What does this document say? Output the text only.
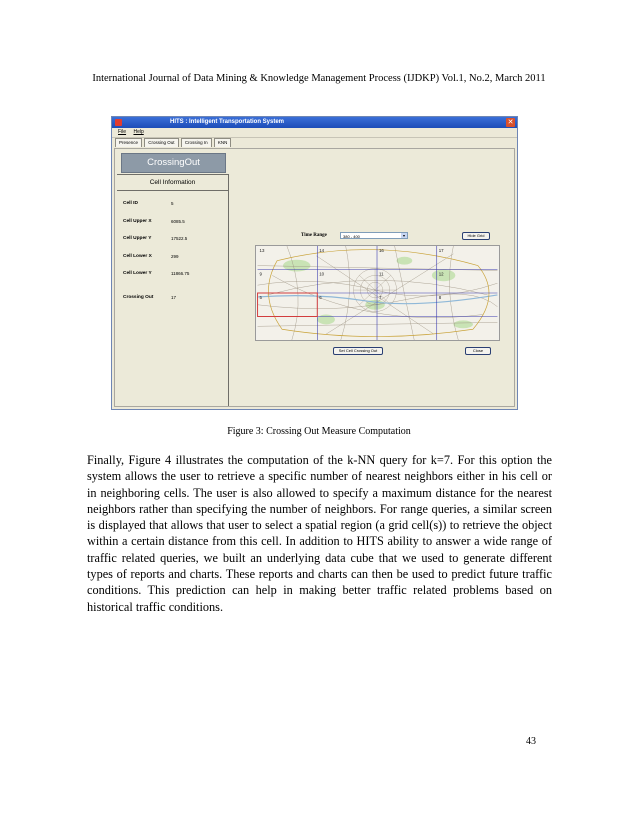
International Journal of Data Mining & Knowledge Management Process (IJDKP) Vol.1, No.2, March 2011
HITS : Intelligent Transportation System	✕
File Help
Presence Crossing Out Crossing In KNN
CrossingOut
Cell Information
Cell ID	5
Cell Upper X	6085.5
Cell Upper Y	17522.5
Cell Lower X	299
Cell Lower Y	11866.75
Crossing Out	17
Time Range	380 - 400	▾	Hide Grid
13	14	16	17
9	10	11	12
5	6	7	8
Set Cell Crossing Out	Close
Figure 3: Crossing Out Measure Computation

Finally, Figure 4 illustrates the computation of the k-NN query for k=7. For this option the system allows the user to retrieve a specific number of nearest neighbors either in his cell or in neighboring cells. The user is also allowed to specify a maximum distance for the nearest neighbors rather than specifying the number of neighbors. For range queries, a similar screen is displayed that allows that user to select a spatial region (a grid cell(s)) to retrieve the object within a certain distance from this cell. In addition to HITS ability to answer a wide range of traffic related queries, we built an underlying data cube that we used to generate different types of reports and charts. These reports and charts can then be used to predict future traffic conditions. This prediction can help in making better traffic related problems based on historical traffic conditions.

43
